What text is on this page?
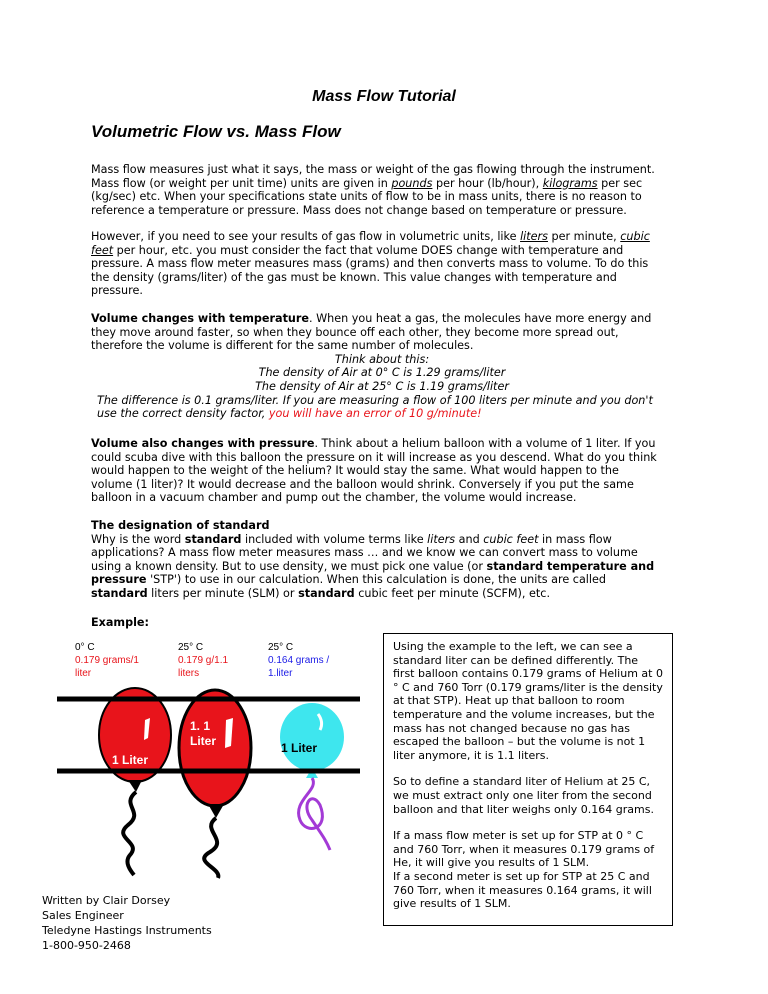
Mass Flow Tutorial
Volumetric Flow vs. Mass Flow
Mass flow measures just what it says, the mass or weight of the gas flowing through the instrument.
Mass flow (or weight per unit time) units are given in pounds per hour (lb/hour), kilograms per sec
(kg/sec) etc. When your specifications state units of flow to be in mass units, there is no reason to
reference a temperature or pressure. Mass does not change based on temperature or pressure.
However, if you need to see your results of gas flow in volumetric units, like liters per minute, cubic
feet per hour, etc. you must consider the fact that volume DOES change with temperature and
pressure. A mass flow meter measures mass (grams) and then converts mass to volume. To do this
the density (grams/liter) of the gas must be known. This value changes with temperature and
pressure.
Volume changes with temperature. When you heat a gas, the molecules have more energy and
they move around faster, so when they bounce off each other, they become more spread out,
therefore the volume is different for the same number of molecules.
Think about this:
The density of Air at 0° C is 1.29 grams/liter
The density of Air at 25° C is 1.19 grams/liter
The difference is 0.1 grams/liter. If you are measuring a flow of 100 liters per minute and you don't
use the correct density factor, you will have an error of 10 g/minute!
Volume also changes with pressure. Think about a helium balloon with a volume of 1 liter. If you
could scuba dive with this balloon the pressure on it will increase as you descend. What do you think
would happen to the weight of the helium? It would stay the same. What would happen to the
volume (1 liter)? It would decrease and the balloon would shrink. Conversely if you put the same
balloon in a vacuum chamber and pump out the chamber, the volume would increase.
The designation of standard
Why is the word standard included with volume terms like liters and cubic feet in mass flow
applications? A mass flow meter measures mass … and we know we can convert mass to volume
using a known density. But to use density, we must pick one value (or standard temperature and
pressure 'STP') to use in our calculation. When this calculation is done, the units are called
standard liters per minute (SLM) or standard cubic feet per minute (SCFM), etc.
Example:
0° C
0.179 grams/1
liter
25° C
0.179 g/1.1
liters
25° C
0.164 grams /
1.liter
1 Liter
1. 1
Liter	1 Liter

Using the example to the left, we can see a standard liter can be defined differently. The first balloon contains 0.179 grams of Helium at 0 ° C and 760 Torr (0.179 grams/liter is the density at that STP). Heat up that balloon to room temperature and the volume increases, but the mass has not changed because no gas has escaped the balloon – but the volume is not 1 liter anymore, it is 1.1 liters.

So to define a standard liter of Helium at 25 C, we must extract only one liter from the second balloon and that liter weighs only 0.164 grams.

If a mass flow meter is set up for STP at 0 ° C and 760 Torr, when it measures 0.179 grams of He, it will give you results of 1 SLM.

If a second meter is set up for STP at 25 C and 760 Torr, when it measures 0.164 grams, it will give results of 1 SLM.

Written by Clair Dorsey
Sales Engineer
Teledyne Hastings Instruments
1-800-950-2468
